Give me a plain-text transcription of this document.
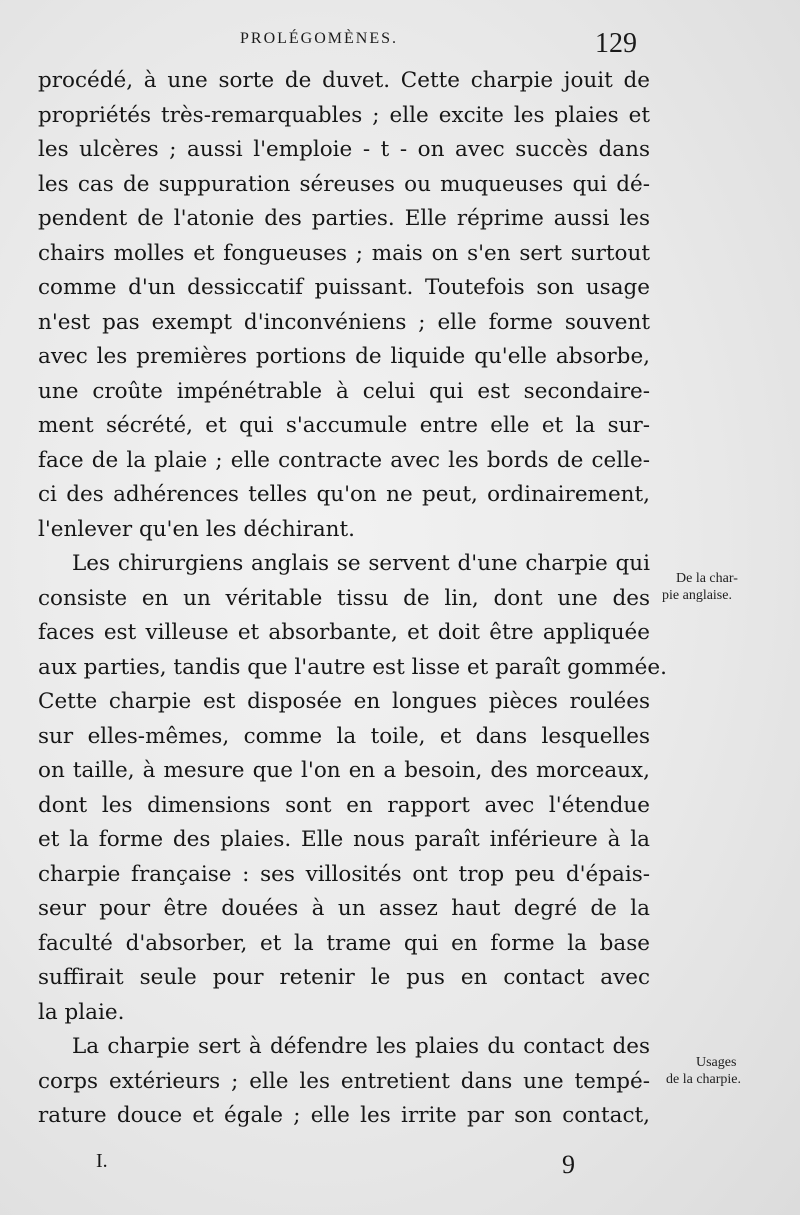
PROLÉGOMÈNES.	129
procédé, à une sorte de duvet. Cette charpie jouit de
propriétés très-remarquables ; elle excite les plaies et
les ulcères ; aussi l'emploie - t - on avec succès dans
les cas de suppuration séreuses ou muqueuses qui dé-
pendent de l'atonie des parties. Elle réprime aussi les
chairs molles et fongueuses ; mais on s'en sert surtout
comme d'un dessiccatif puissant. Toutefois son usage
n'est pas exempt d'inconvéniens ; elle forme souvent
avec les premières portions de liquide qu'elle absorbe,
une croûte impénétrable à celui qui est secondaire-
ment sécrété, et qui s'accumule entre elle et la sur-
face de la plaie ; elle contracte avec les bords de celle-
ci des adhérences telles qu'on ne peut, ordinairement,
l'enlever qu'en les déchirant.
Les chirurgiens anglais se servent d'une charpie qui
consiste en un véritable tissu de lin, dont une des
faces est villeuse et absorbante, et doit être appliquée
aux parties, tandis que l'autre est lisse et paraît gommée.
Cette charpie est disposée en longues pièces roulées
sur elles-mêmes, comme la toile, et dans lesquelles
on taille, à mesure que l'on en a besoin, des morceaux,
dont les dimensions sont en rapport avec l'étendue
et la forme des plaies. Elle nous paraît inférieure à la
charpie française : ses villosités ont trop peu d'épais-
seur pour être douées à un assez haut degré de la
faculté d'absorber, et la trame qui en forme la base
suffirait seule pour retenir le pus en contact avec
la plaie.
La charpie sert à défendre les plaies du contact des
corps extérieurs ; elle les entretient dans une tempé-
rature douce et égale ; elle les irrite par son contact,
De la char-
pie anglaise.
Usages
de la charpie.
I.	9
